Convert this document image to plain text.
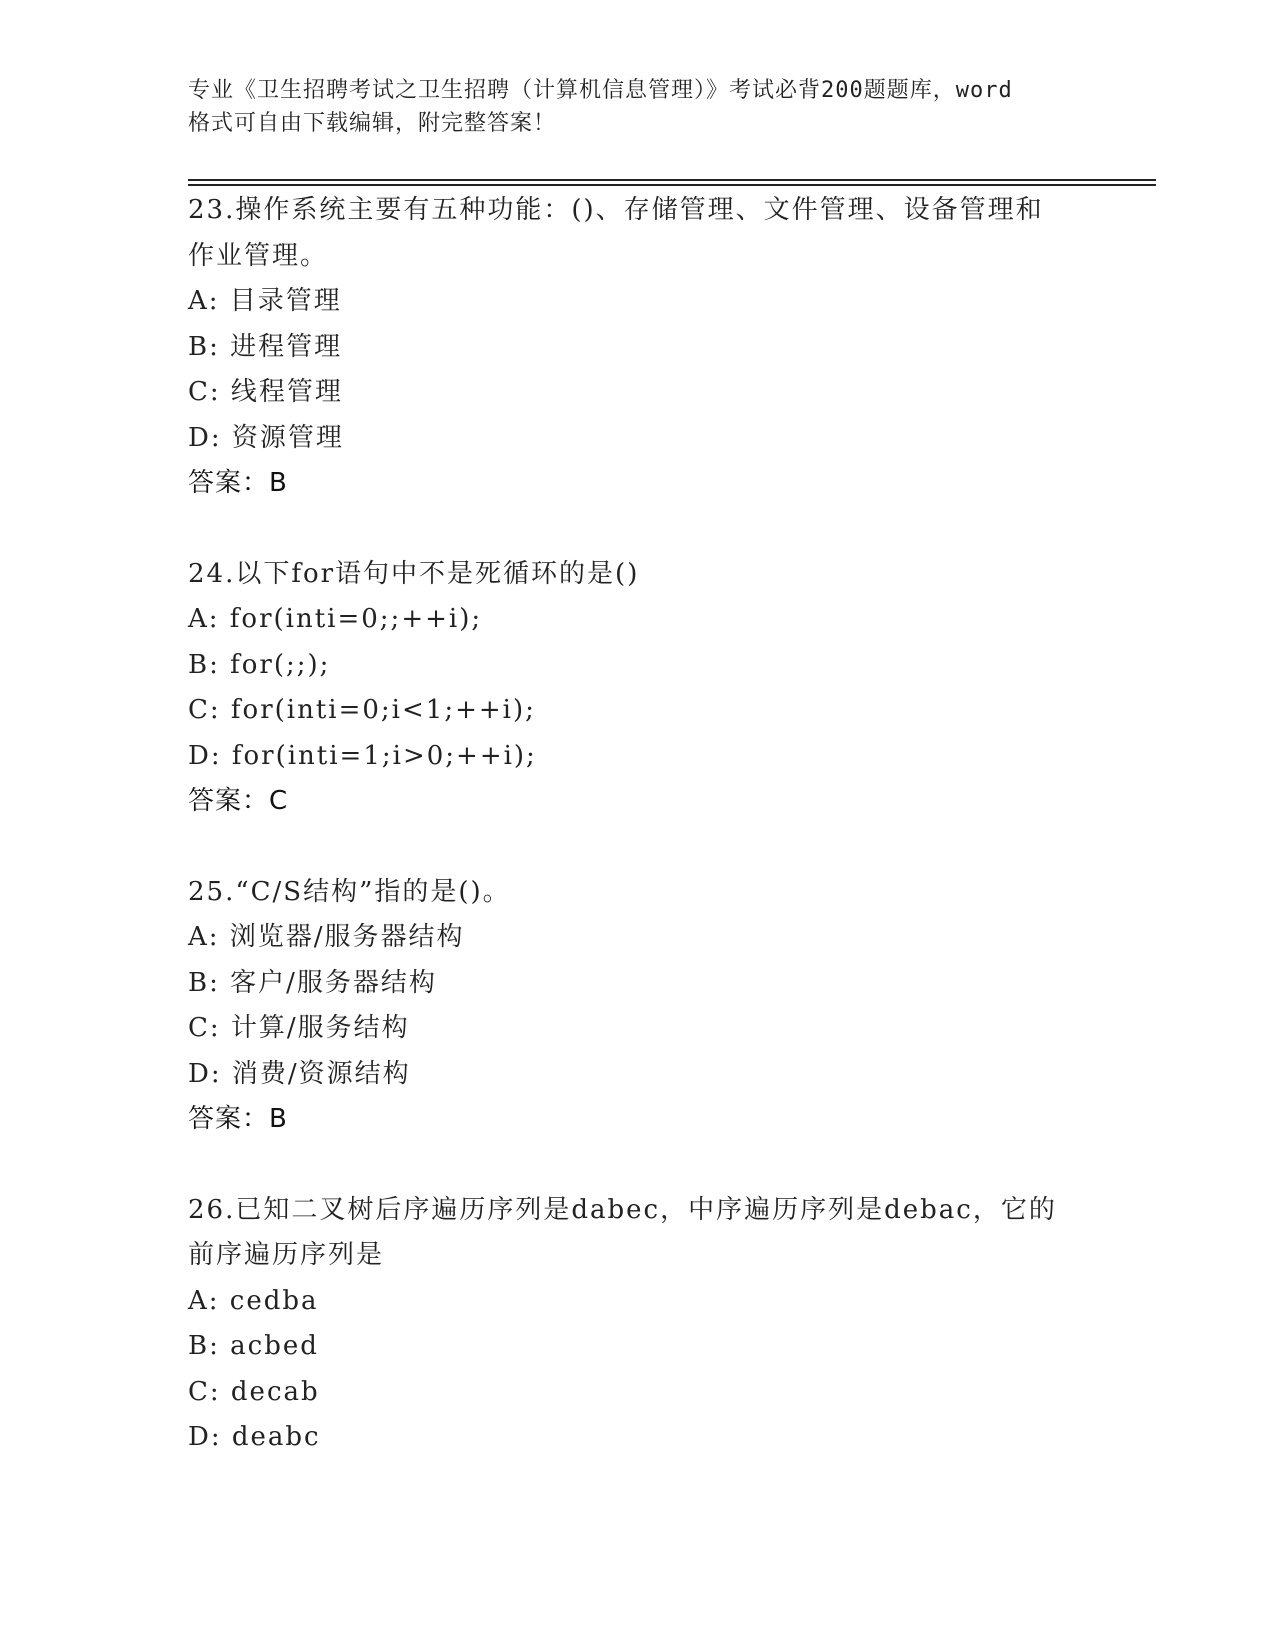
专业《卫生招聘考试之卫生招聘（计算机信息管理）》考试必背200题题库，word
格式可自由下载编辑，附完整答案！
23.操作系统主要有五种功能：()、存储管理、文件管理、设备管理和
作业管理。
A: 目录管理
B: 进程管理
C: 线程管理
D: 资源管理
答案：B
24.以下for语句中不是死循环的是()
A: for(inti=0;;++i);
B: for(;;);
C: for(inti=0;i<1;++i);
D: for(inti=1;i>0;++i);
答案：C
25.“C/S结构”指的是()。
A: 浏览器/服务器结构
B: 客户/服务器结构
C: 计算/服务结构
D: 消费/资源结构
答案：B
26.已知二叉树后序遍历序列是dabec，中序遍历序列是debac，它的
前序遍历序列是
A: cedba
B: acbed
C: decab
D: deabc
